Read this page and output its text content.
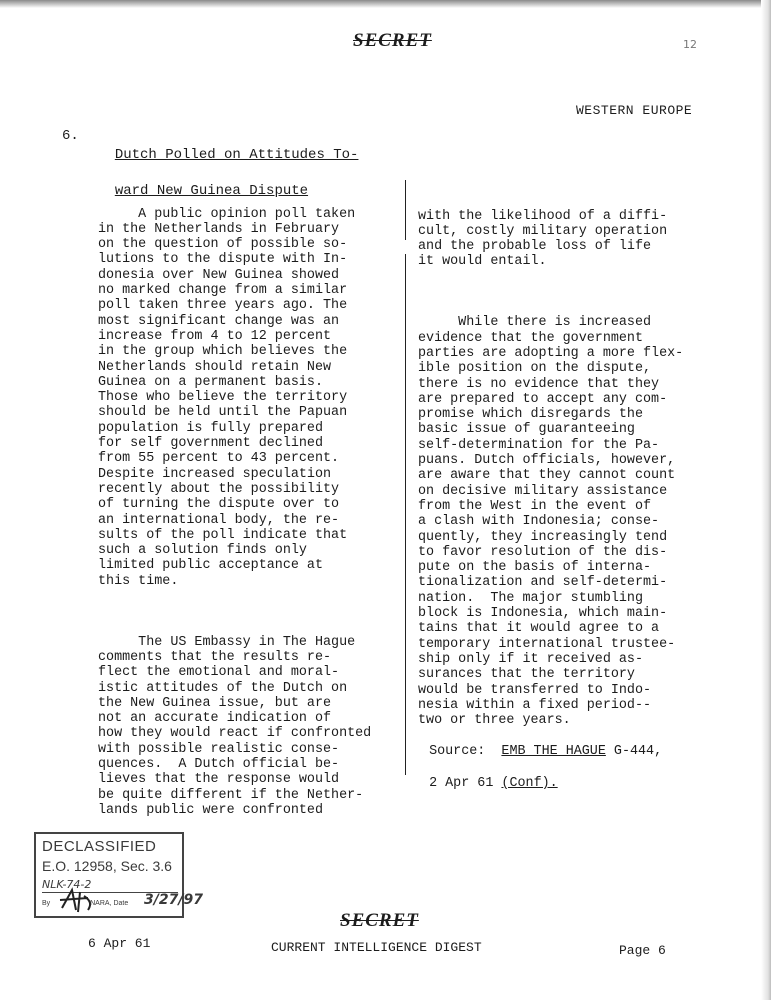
SECRET	12
WESTERN EUROPE
6.

Dutch Polled on Attitudes To-

ward New Guinea Dispute

A public opinion poll taken
in the Netherlands in February
on the question of possible so-
lutions to the dispute with In-
donesia over New Guinea showed
no marked change from a similar
poll taken three years ago. The
most significant change was an
increase from 4 to 12 percent
in the group which believes the
Netherlands should retain New
Guinea on a permanent basis.
Those who believe the territory
should be held until the Papuan
population is fully prepared
for self government declined
from 55 percent to 43 percent.
Despite increased speculation
recently about the possibility
of turning the dispute over to
an international body, the re-
sults of the poll indicate that
such a solution finds only
limited public acceptance at
this time.

The US Embassy in The Hague
comments that the results re-
flect the emotional and moral-
istic attitudes of the Dutch on
the New Guinea issue, but are
not an accurate indication of
how they would react if confronted
with possible realistic conse-
quences.  A Dutch official be-
lieves that the response would
be quite different if the Nether-
lands public were confronted

with the likelihood of a diffi-
cult, costly military operation
and the probable loss of life
it would entail.

While there is increased
evidence that the government
parties are adopting a more flex-
ible position on the dispute,
there is no evidence that they
are prepared to accept any com-
promise which disregards the
basic issue of guaranteeing
self-determination for the Pa-
puans. Dutch officials, however,
are aware that they cannot count
on decisive military assistance
from the West in the event of
a clash with Indonesia; conse-
quently, they increasingly tend
to favor resolution of the dis-
pute on the basis of interna-
tionalization and self-determi-
nation.  The major stumbling
block is Indonesia, which main-
tains that it would agree to a
temporary international trustee-
ship only if it received as-
surances that the territory
would be transferred to Indo-
nesia within a fixed period--
two or three years.

Source: EMB THE HAGUE G-444,

2 Apr 61 (Conf).

DECLASSIFIED
E.O. 12958, Sec. 3.6
NLK-74-2
By	NARA, Date	3/27/97
SECRET
6 Apr 61	CURRENT INTELLIGENCE DIGEST	Page 6
